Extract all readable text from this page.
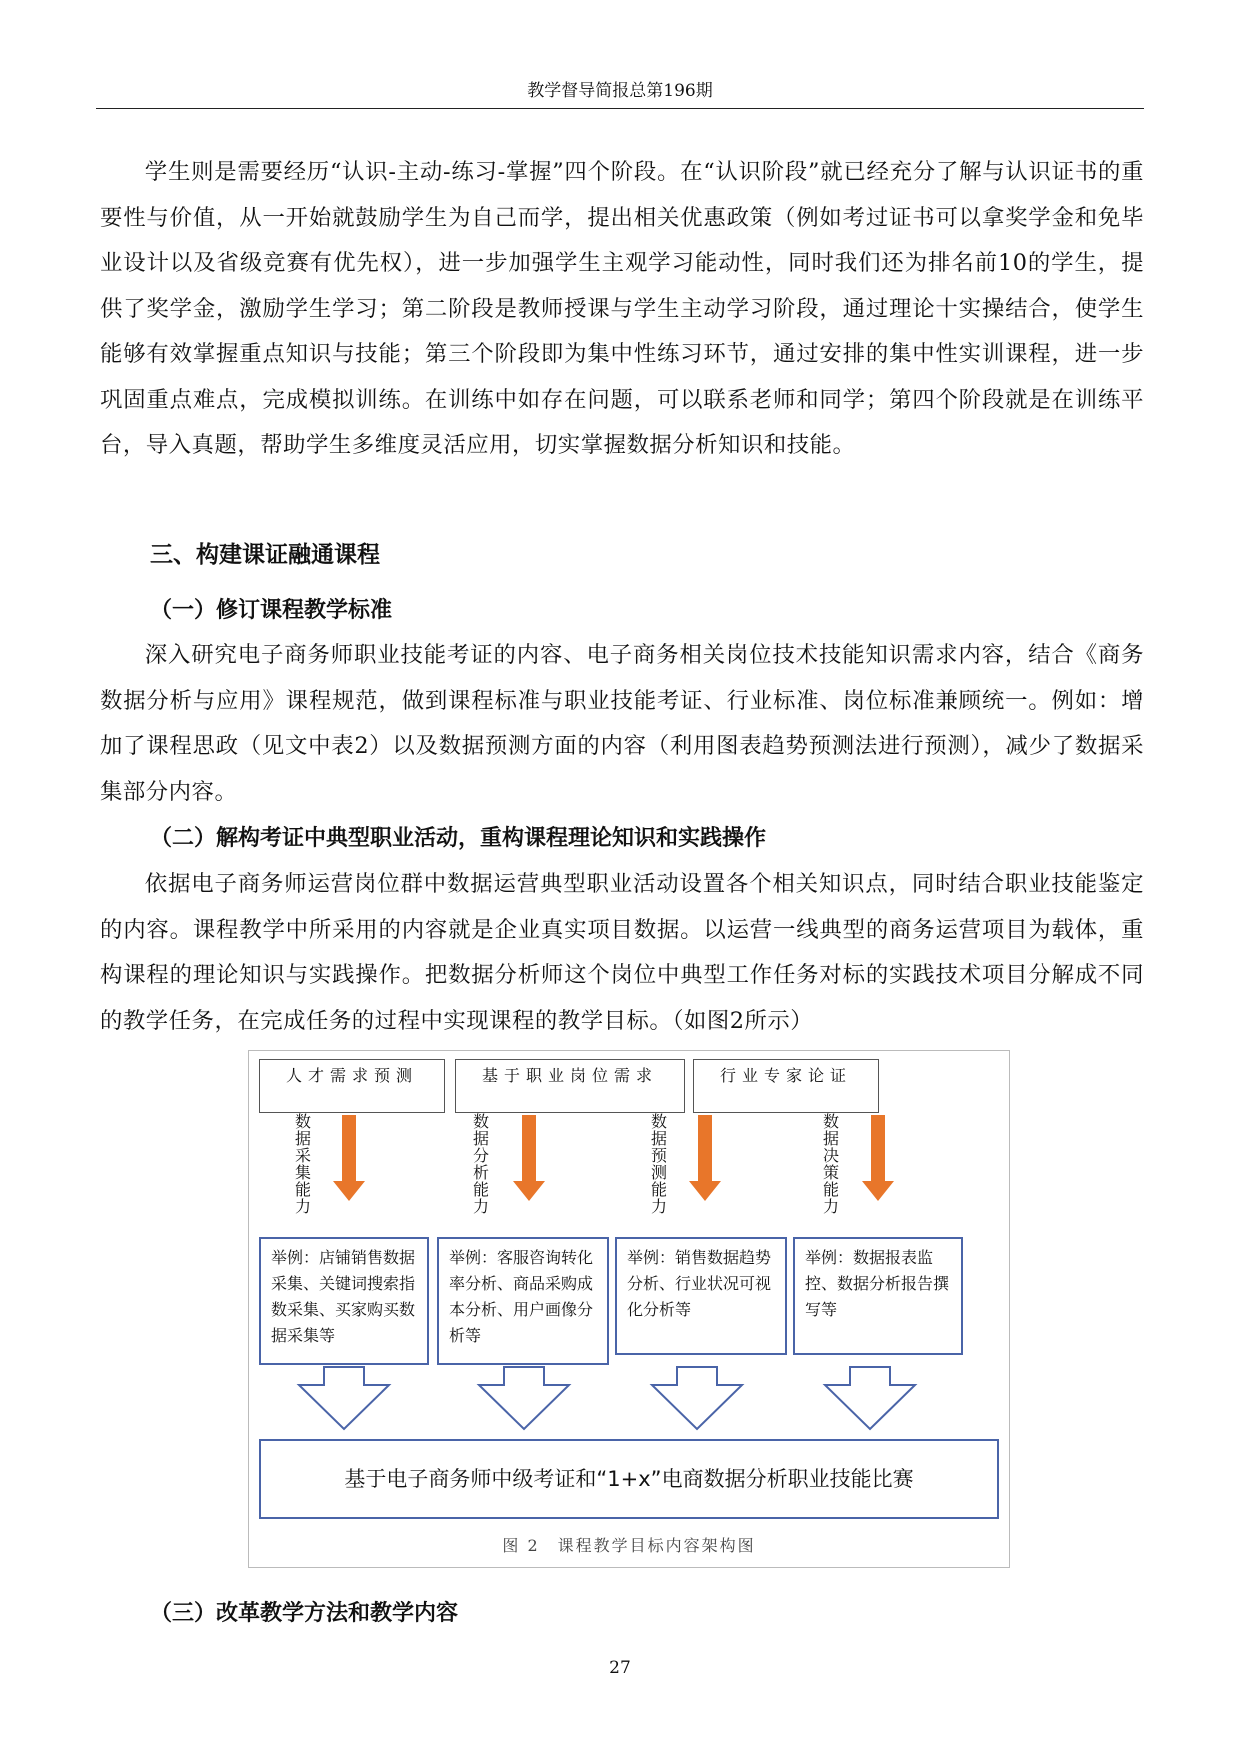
教学督导简报总第196期

学生则是需要经历“认识-主动-练习-掌握”四个阶段。在“认识阶段”就已经充分了解与认识证书的重要性与价值，从一开始就鼓励学生为自己而学，提出相关优惠政策（例如考过证书可以拿奖学金和免毕业设计以及省级竞赛有优先权），进一步加强学生主观学习能动性，同时我们还为排名前10的学生，提供了奖学金，激励学生学习；第二阶段是教师授课与学生主动学习阶段，通过理论十实操结合，使学生能够有效掌握重点知识与技能；第三个阶段即为集中性练习环节，通过安排的集中性实训课程，进一步巩固重点难点，完成模拟训练。在训练中如存在问题，可以联系老师和同学；第四个阶段就是在训练平台，导入真题，帮助学生多维度灵活应用，切实掌握数据分析知识和技能。

三、构建课证融通课程
（一）修订课程教学标准

深入研究电子商务师职业技能考证的内容、电子商务相关岗位技术技能知识需求内容，结合《商务数据分析与应用》课程规范，做到课程标准与职业技能考证、行业标准、岗位标准兼顾统一。例如：增加了课程思政（见文中表2）以及数据预测方面的内容（利用图表趋势预测法进行预测），减少了数据采集部分内容。

（二）解构考证中典型职业活动，重构课程理论知识和实践操作

依据电子商务师运营岗位群中数据运营典型职业活动设置各个相关知识点，同时结合职业技能鉴定的内容。课程教学中所采用的内容就是企业真实项目数据。以运营一线典型的商务运营项目为载体，重构课程的理论知识与实践操作。把数据分析师这个岗位中典型工作任务对标的实践技术项目分解成不同的教学任务，在完成任务的过程中实现课程的教学目标。（如图2所示）

人才需求预测	基于职业岗位需求	行业专家论证
数据采集能力
数据分析能力
数据预测能力
数据决策能力
举例：店铺销售数据采集、关键词搜索指数采集、买家购买数据采集等
举例：客服咨询转化率分析、商品采购成本分析、用户画像分析等
举例：销售数据趋势分析、行业状况可视化分析等
举例：数据报表监控、数据分析报告撰写等
基于电子商务师中级考证和“1+x”电商数据分析职业技能比赛
图 2　课程教学目标内容架构图
（三）改革教学方法和教学内容
27
